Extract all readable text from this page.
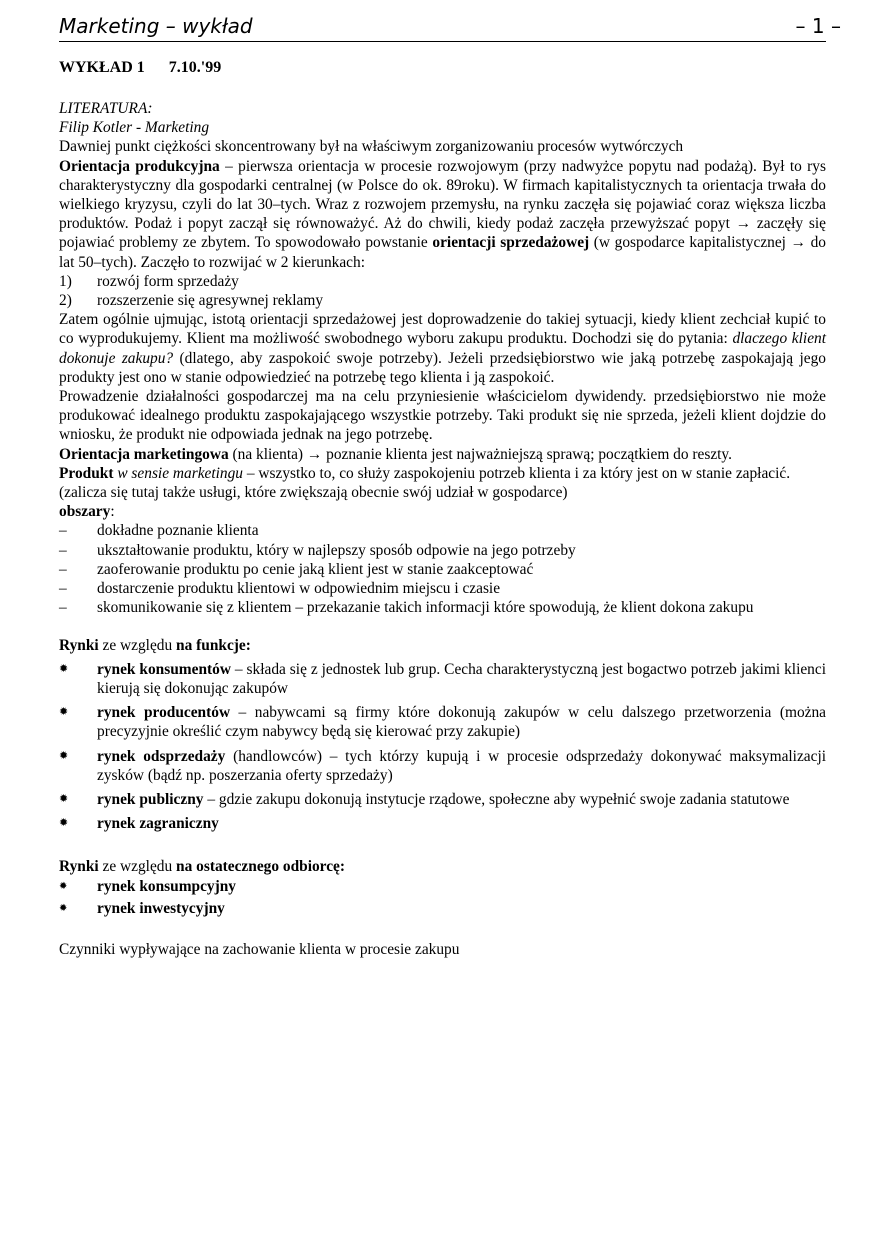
Marketing – wykład	– 1 –
WYKŁAD 1 7.10.'99

LITERATURA:

Filip Kotler - Marketing

Dawniej punkt ciężkości skoncentrowany był na właściwym zorganizowaniu procesów wytwórczych

Orientacja produkcyjna – pierwsza orientacja w procesie rozwojowym (przy nadwyżce popytu nad podażą). Był to rys charakterystyczny dla gospodarki centralnej (w Polsce do ok. 89roku). W firmach kapitalistycznych ta orientacja trwała do wielkiego kryzysu, czyli do lat 30–tych. Wraz z rozwojem przemysłu, na rynku zaczęła się pojawiać coraz większa liczba produktów. Podaż i popyt zaczął się równoważyć. Aż do chwili, kiedy podaż zaczęła przewyższać popyt → zaczęły się pojawiać problemy ze zbytem. To spowodowało powstanie orientacji sprzedażowej (w gospodarce kapitalistycznej → do lat 50–tych). Zaczęło to rozwijać w 2 kierunkach:

1)	rozwój form sprzedaży
2)	rozszerzenie się agresywnej reklamy

Zatem ogólnie ujmując, istotą orientacji sprzedażowej jest doprowadzenie do takiej sytuacji, kiedy klient zechciał kupić to co wyprodukujemy. Klient ma możliwość swobodnego wyboru zakupu produktu. Dochodzi się do pytania: dlaczego klient dokonuje zakupu? (dlatego, aby zaspokoić swoje potrzeby). Jeżeli przedsiębiorstwo wie jaką potrzebę zaspokajają jego produkty jest ono w stanie odpowiedzieć na potrzebę tego klienta i ją zaspokoić.

Prowadzenie działalności gospodarczej ma na celu przyniesienie właścicielom dywidendy. przedsiębiorstwo nie może produkować idealnego produktu zaspokajającego wszystkie potrzeby. Taki produkt się nie sprzeda, jeżeli klient dojdzie do wniosku, że produkt nie odpowiada jednak na jego potrzebę.

Orientacja marketingowa (na klienta) → poznanie klienta jest najważniejszą sprawą; początkiem do reszty.

Produkt w sensie marketingu – wszystko to, co służy zaspokojeniu potrzeb klienta i za który jest on w stanie zapłacić.

(zalicza się tutaj także usługi, które zwiększają obecnie swój udział w gospodarce)

obszary:

–	dokładne poznanie klienta
–	ukształtowanie produktu, który w najlepszy sposób odpowie na jego potrzeby
–	zaoferowanie produktu po cenie jaką klient jest w stanie zaakceptować
–	dostarczenie produktu klientowi w odpowiednim miejscu i czasie
–	skomunikowanie się z klientem – przekazanie takich informacji które spowodują, że klient dokona zakupu

Rynki ze względu na funkcje:

✹	rynek konsumentów – składa się z jednostek lub grup. Cecha charakterystyczną jest bogactwo potrzeb jakimi klienci kierują się dokonując zakupów
✹	rynek producentów – nabywcami są firmy które dokonują zakupów w celu dalszego przetworzenia (można precyzyjnie określić czym nabywcy będą się kierować przy zakupie)
✹	rynek odsprzedaży (handlowców) – tych którzy kupują i w procesie odsprzedaży dokonywać maksymalizacji zysków (bądź np. poszerzania oferty sprzedaży)
✹	rynek publiczny – gdzie zakupu dokonują instytucje rządowe, społeczne aby wypełnić swoje zadania statutowe
✹	rynek zagraniczny

Rynki ze względu na ostatecznego odbiorcę:

✹	rynek konsumpcyjny
✹	rynek inwestycyjny

Czynniki wypływające na zachowanie klienta w procesie zakupu
